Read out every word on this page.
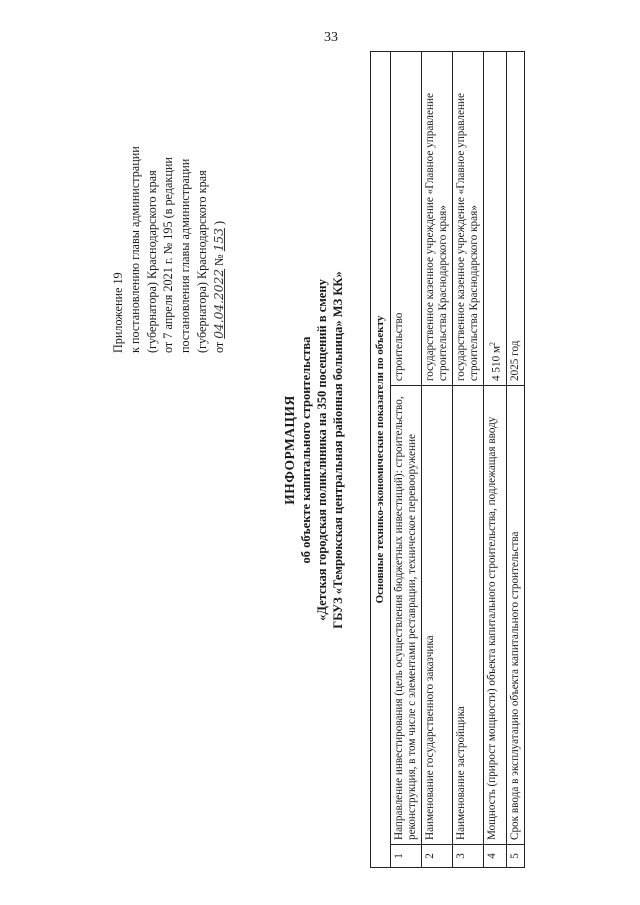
33
Приложение 19 к постановлению главы администрации (губернатора) Краснодарского края от 7 апреля 2021 г. № 195 (в редакции постановления главы администрации (губернатора) Краснодарского края от04.04.2022№153)
ИНФОРМАЦИЯ об объекте капитального строительства «Детская городская поликлиника на 350 посещений в смену ГБУЗ «Темрюкская центральная районная больница» МЗ КК»	Основные технико-экономические показатели по объекту		
1	Направление инвестирования (цель осуществления бюджетных инвестиций): строительство, реконструкция, в том числе с элементами реставрации, техническое перевооружение	строительство
2	Наименование государственного заказчика	государственное казенное учреждение «Главное управление строительства Краснодарского края»
3	Наименование застройщика	государственное казенное учреждение «Главное управление строительства Краснодарского края»
4	Мощность (прирост мощности) объекта капитального строительства, подлежащая вводу	4 510 $м^2$
5	Срок ввода в эксплуатацию объекта капитального строительства	2025 год
